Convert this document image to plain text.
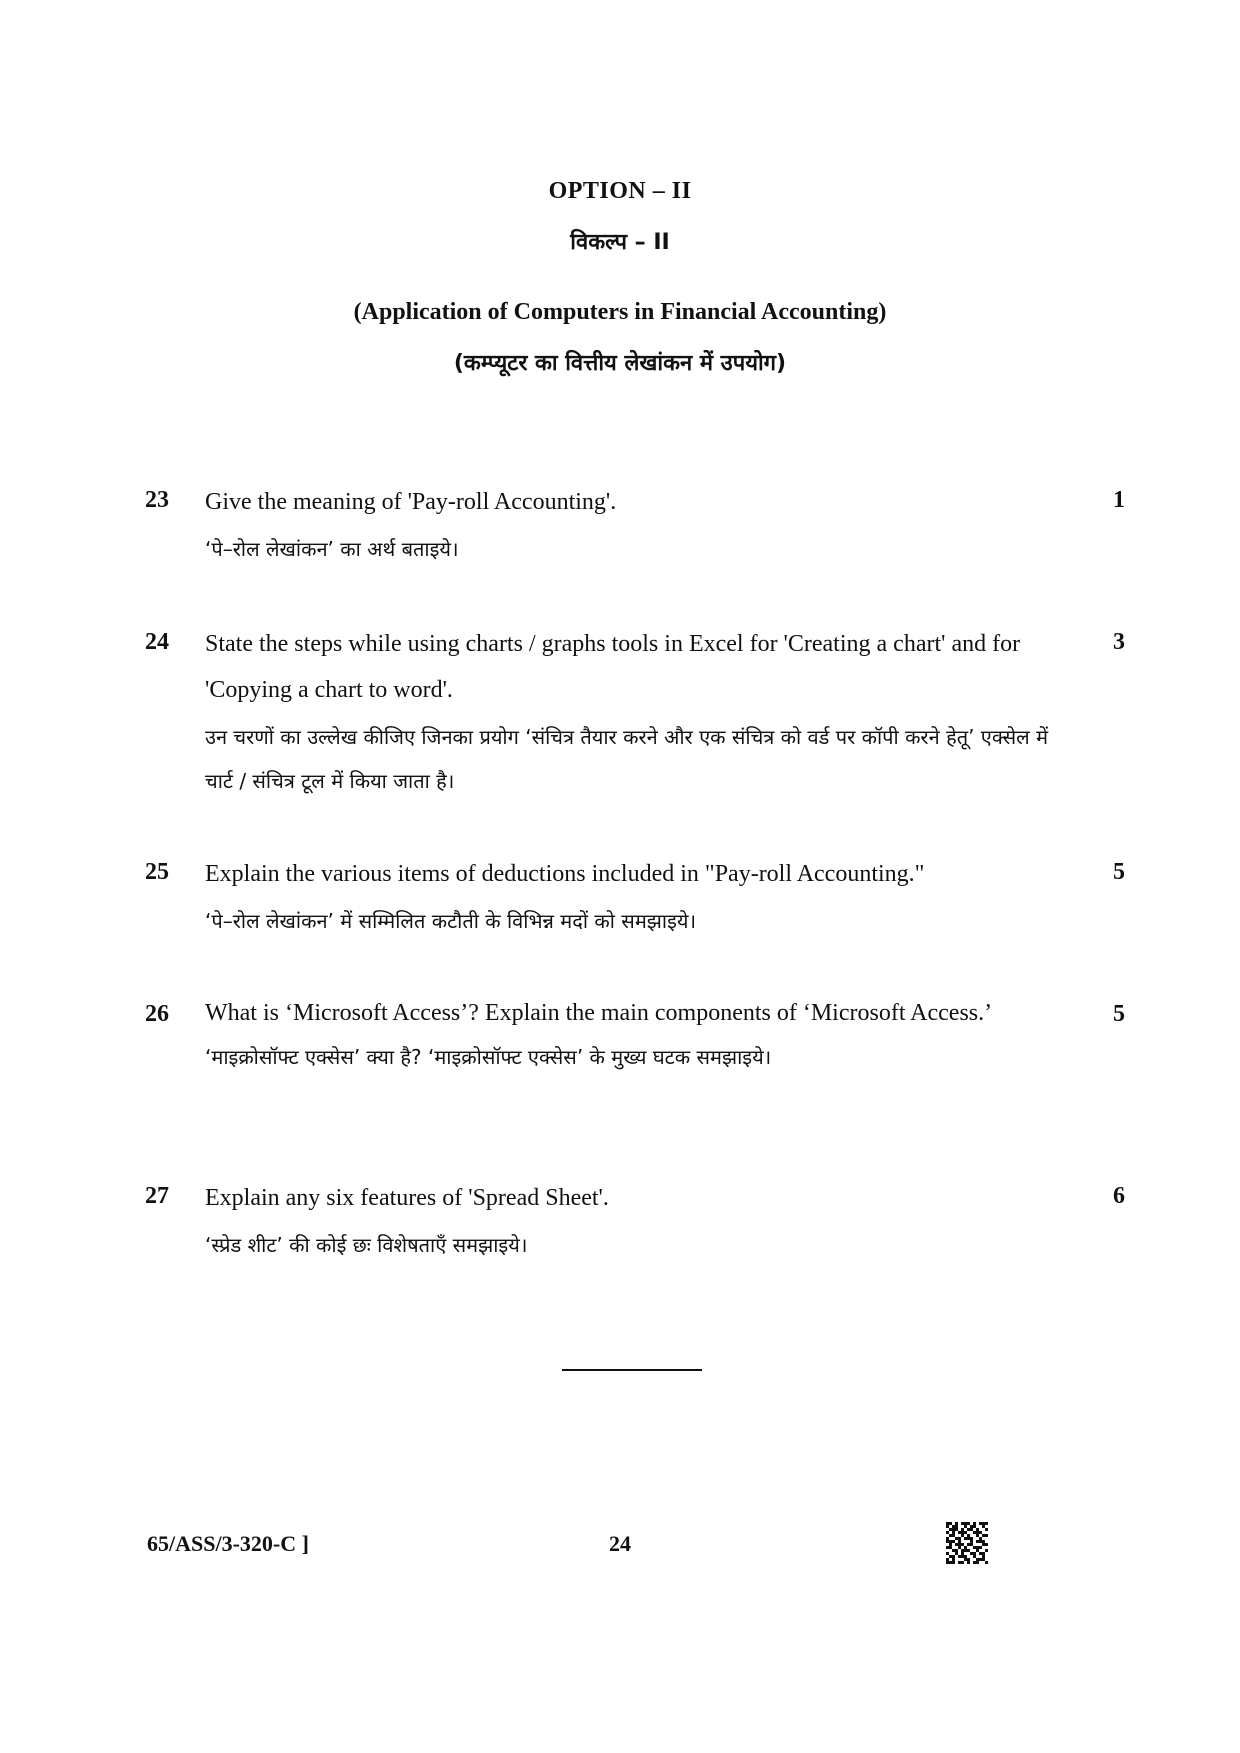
OPTION – II
विकल्प – II
(Application of Computers in Financial Accounting)
(कम्प्यूटर का वित्तीय लेखांकन में उपयोग)
23 Give the meaning of 'Pay-roll Accounting'.
‘पे–रोल लेखांकन’ का अर्थ बताइये।
1
24 State the steps while using charts / graphs tools in Excel for 'Creating a chart' and for 'Copying a chart to word'.
उन चरणों का उल्लेख कीजिए जिनका प्रयोग ‘संचित्र तैयार करने और एक संचित्र को वर्ड पर कॉपी करने हेतू’ एक्सेल में चार्ट / संचित्र टूल में किया जाता है।
3
25 Explain the various items of deductions included in "Pay-roll Accounting."
‘पे–रोल लेखांकन’ में सम्मिलित कटौती के विभिन्न मदों को समझाइये।
5
26 What is ‘Microsoft Access’? Explain the main components of ‘Microsoft Access.’
‘माइक्रोसॉफ्ट एक्सेस’ क्या है? ‘माइक्रोसॉफ्ट एक्सेस’ के मुख्य घटक समझाइये।
5
27 Explain any six features of 'Spread Sheet'.
‘स्प्रेड शीट’ की कोई छः विशेषताएँ समझाइये।
6
65/ASS/3-320-C ]	24
